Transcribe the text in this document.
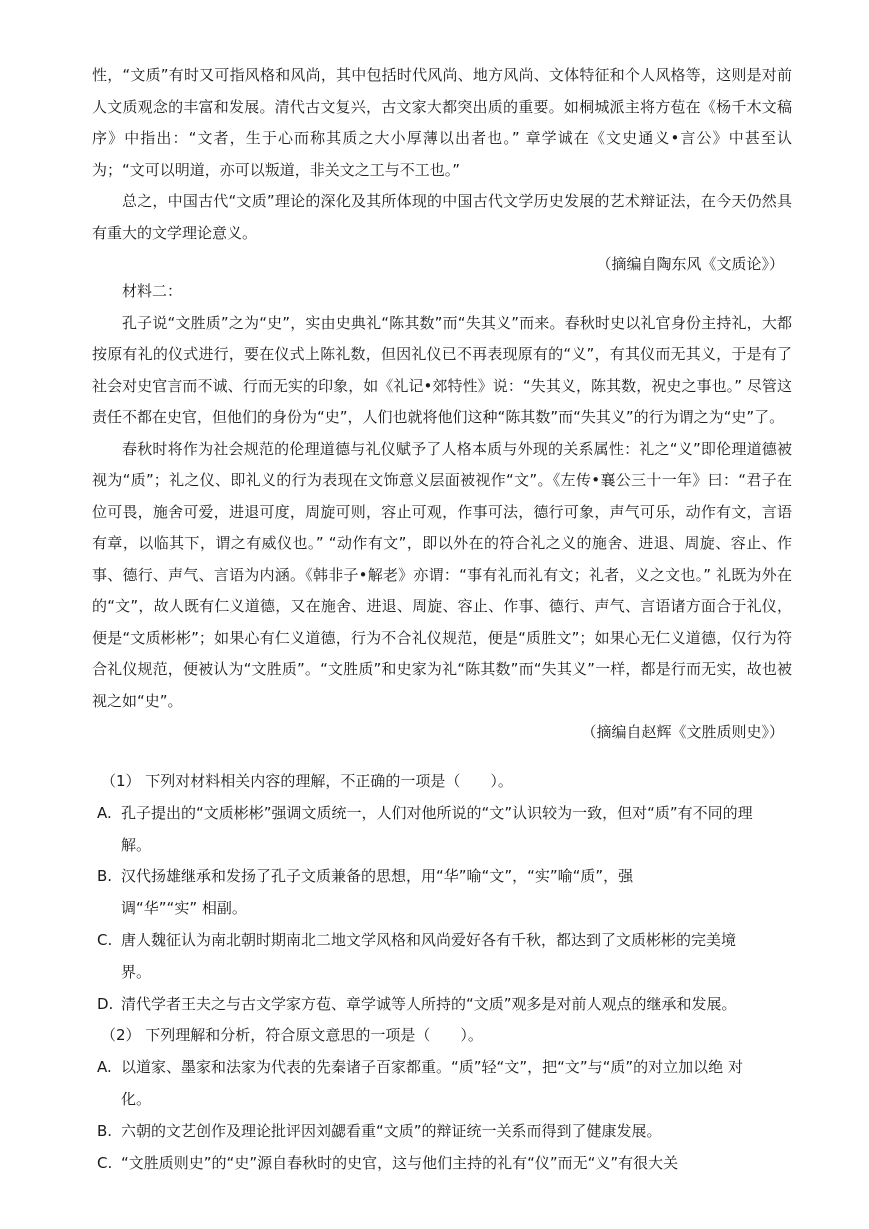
性，“文质”有时又可指风格和风尚，其中包括时代风尚、地方风尚、文体特征和个人风格等，这则是对前人文质观念的丰富和发展。清代古文复兴，古文家大都突出质的重要。如桐城派主将方苞在《杨千木文稿序》中指出：“文者，生于心而称其质之大小厚薄以出者也。” 章学诚在《文史通义•言公》中甚至认为；“文可以明道，亦可以叛道，非关文之工与不工也。”

总之，中国古代“文质”理论的深化及其所体现的中国古代文学历史发展的艺术辩证法，在今天仍然具有重大的文学理论意义。

（摘编自陶东风《文质论》）

材料二：

孔子说“文胜质”之为“史”，实由史典礼“陈其数”而“失其义”而来。春秋时史以礼官身份主持礼，大都按原有礼的仪式进行，要在仪式上陈礼数，但因礼仪已不再表现原有的“义”，有其仪而无其义，于是有了社会对史官言而不诚、行而无实的印象，如《礼记•郊特性》说：“失其义，陈其数，祝史之事也。” 尽管这责任不都在史官，但他们的身份为“史”，人们也就将他们这种“陈其数”而“失其义”的行为谓之为“史”了。

春秋时将作为社会规范的伦理道德与礼仪赋予了人格本质与外现的关系属性：礼之“义”即伦理道德被视为“质”；礼之仪、即礼义的行为表现在文饰意义层面被视作“文”。《左传•襄公三十一年》曰：“君子在位可畏，施舍可爱，进退可度，周旋可则，容止可观，作事可法，德行可象，声气可乐，动作有文，言语有章，以临其下，谓之有威仪也。” “动作有文”，即以外在的符合礼之义的施舍、进退、周旋、容止、作事、德行、声气、言语为内涵。《韩非子•解老》亦谓：“事有礼而礼有文；礼者，义之文也。” 礼既为外在的“文”，故人既有仁义道德，又在施舍、进退、周旋、容止、作事、德行、声气、言语诸方面合于礼仪，便是“文质彬彬”；如果心有仁义道德，行为不合礼仪规范，便是“质胜文”；如果心无仁义道德，仅行为符合礼仪规范，便被认为“文胜质”。“文胜质”和史家为礼“陈其数”而“失其义”一样，都是行而无实，故也被视之如“史”。

（摘编自赵辉《文胜质则史》）

（1） 下列对材料相关内容的理解，不正确的一项是（　　）。

A. 孔子提出的“文质彬彬”强调文质统一，人们对他所说的“文”认识较为一致，但对“质”有不同的理解。
B. 汉代扬雄继承和发扬了孔子文质兼备的思想，用“华”喻“文”，“实”喻“质”，强调“华”“实” 相副。
C. 唐人魏征认为南北朝时期南北二地文学风格和风尚爱好各有千秋，都达到了文质彬彬的完美境界。
D. 清代学者王夫之与古文学家方苞、章学诚等人所持的“文质”观多是对前人观点的继承和发展。

（2） 下列理解和分析，符合原文意思的一项是（　　）。

A. 以道家、墨家和法家为代表的先秦诸子百家都重。“质”轻“文”，把“文”与“质”的对立加以绝 对化。
B. 六朝的文艺创作及理论批评因刘勰看重“文质”的辩证统一关系而得到了健康发展。
C. “文胜质则史”的“史”源自春秋时的史官，这与他们主持的礼有“仪”而无“义”有很大关
